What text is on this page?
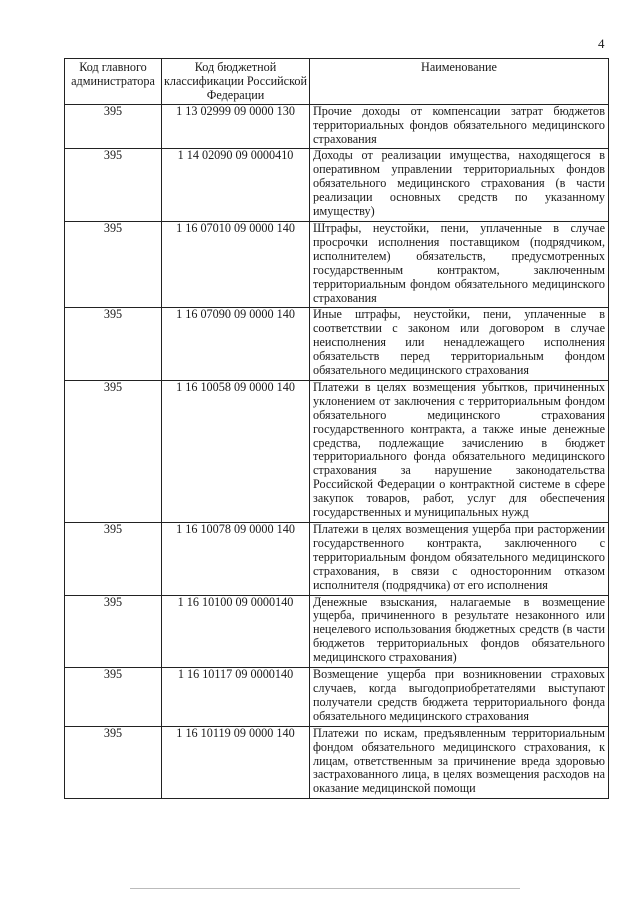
4
Код главного администратора	Код бюджетной классификации Российской Федерации	Наименование

395	1 13 02999 09 0000 130	Прочие доходы от компенсации затрат бюджетов территориальных фондов обязательного медицинского страхования
395	1 14 02090 09 0000410	Доходы от реализации имущества, находящегося в оперативном управлении территориальных фондов обязательного медицинского страхования (в части реализации основных средств по указанному имуществу)
395	1 16 07010 09 0000 140	Штрафы, неустойки, пени, уплаченные в случае просрочки исполнения поставщиком (подрядчиком, исполнителем) обязательств, предусмотренных государственным контрактом, заключенным территориальным фондом обязательного медицинского страхования
395	1 16 07090 09 0000 140	Иные штрафы, неустойки, пени, уплаченные в соответствии с законом или договором в случае неисполнения или ненадлежащего исполнения обязательств перед территориальным фондом обязательного медицинского страхования
395	1 16 10058 09 0000 140	Платежи в целях возмещения убытков, причиненных уклонением от заключения с территориальным фондом обязательного медицинского страхования государственного контракта, а также иные денежные средства, подлежащие зачислению в бюджет территориального фонда обязательного медицинского страхования за нарушение законодательства Российской Федерации о контрактной системе в сфере закупок товаров, работ, услуг для обеспечения государственных и муниципальных нужд
395	1 16 10078 09 0000 140	Платежи в целях возмещения ущерба при расторжении государственного контракта, заключенного с территориальным фондом обязательного медицинского страхования, в связи с односторонним отказом исполнителя (подрядчика) от его исполнения
395	1 16 10100 09 0000140	Денежные взыскания, налагаемые в возмещение ущерба, причиненного в результате незаконного или нецелевого использования бюджетных средств (в части бюджетов территориальных фондов обязательного медицинского страхования)
395	1 16 10117 09 0000140	Возмещение ущерба при возникновении страховых случаев, когда выгодоприобретателями выступают получатели средств бюджета территориального фонда обязательного медицинского страхования
395	1 16 10119 09 0000 140	Платежи по искам, предъявленным территориальным фондом обязательного медицинского страхования, к лицам, ответственным за причинение вреда здоровью застрахованного лица, в целях возмещения расходов на оказание медицинской помощи
